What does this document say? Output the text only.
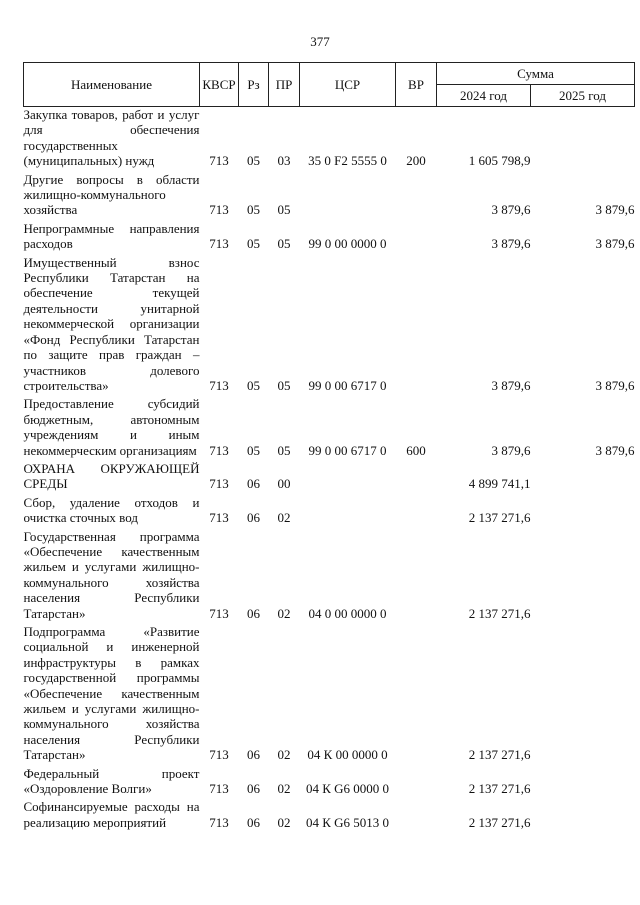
377
Наименование	КВСР	Рз	ПР	ЦСР	ВР	Сумма	
						2024 год	2025 год
Закупка товаров, работ и услуг для обеспечения государственных (муниципальных) нужд	713	05	03	35 0 F2 5555 0	200	1 605 798,9	
Другие вопросы в области жилищно-коммунального хозяйства	713	05	05			3 879,6	3 879,6
Непрограммные направления расходов	713	05	05	99 0 00 0000 0		3 879,6	3 879,6
Имущественный взнос Республики Татарстан на обеспечение текущей деятельности унитарной некоммерческой организации «Фонд Республики Татарстан по защите прав граждан – участников долевого строительства»	713	05	05	99 0 00 6717 0		3 879,6	3 879,6
Предоставление субсидий бюджетным, автономным учреждениям и иным некоммерческим организациям	713	05	05	99 0 00 6717 0	600	3 879,6	3 879,6
ОХРАНА ОКРУЖАЮЩЕЙ СРЕДЫ	713	06	00			4 899 741,1	
Сбор, удаление отходов и очистка сточных вод	713	06	02			2 137 271,6	
Государственная программа «Обеспечение качественным жильем и услугами жилищно-коммунального хозяйства населения Республики Татарстан»	713	06	02	04 0 00 0000 0		2 137 271,6	
Подпрограмма «Развитие социальной и инженерной инфраструктуры в рамках государственной программы «Обеспечение качественным жильем и услугами жилищно-коммунального хозяйства населения Республики Татарстан»	713	06	02	04 К 00 0000 0		2 137 271,6	
Федеральный проект «Оздоровление Волги»	713	06	02	04 К G6 0000 0		2 137 271,6	
Софинансируемые расходы на реализацию мероприятий	713	06	02	04 К G6 5013 0		2 137 271,6	
